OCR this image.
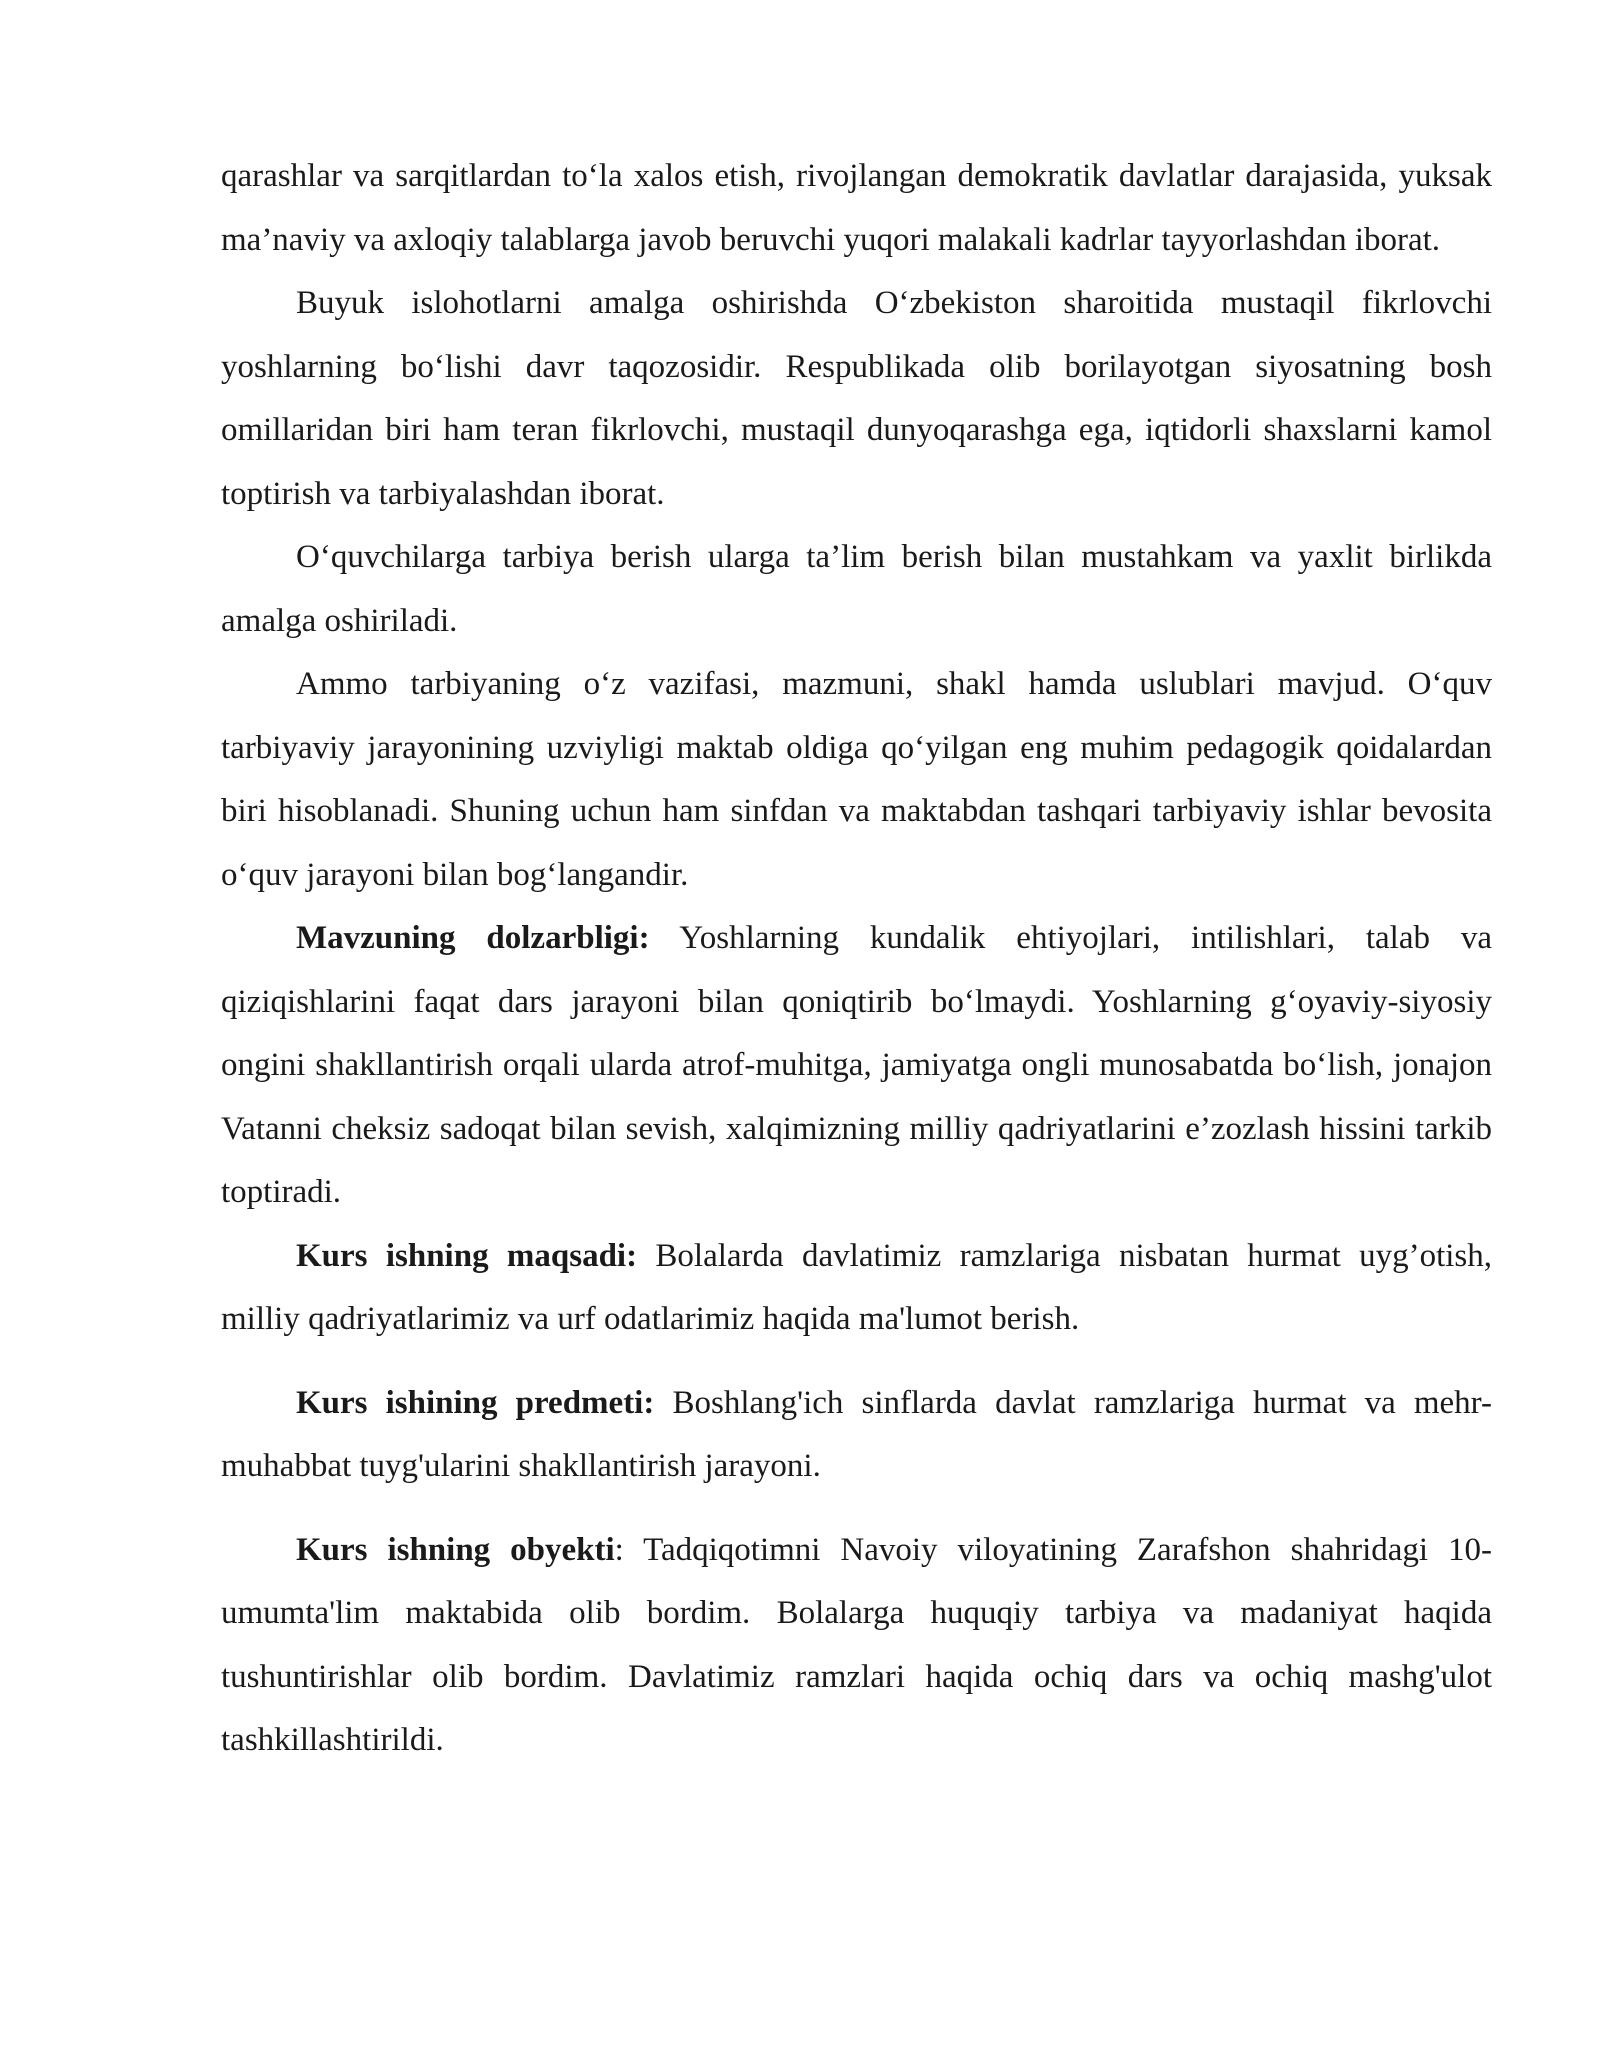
qarashlar va sarqitlardan to‘la xalos etish, rivojlangan demokratik davlatlar darajasida, yuksak ma’naviy va axloqiy talablarga javob beruvchi yuqori malakali kadrlar tayyorlashdan iborat.

Buyuk islohotlarni amalga oshirishda O‘zbekiston sharoitida mustaqil fikrlovchi yoshlarning bo‘lishi davr taqozosidir. Respublikada olib borilayotgan siyosatning bosh omillaridan biri ham teran fikrlovchi, mustaqil dunyoqarashga ega, iqtidorli shaxslarni kamol toptirish va tarbiyalashdan iborat.

O‘quvchilarga tarbiya berish ularga ta’lim berish bilan mustahkam va yaxlit birlikda amalga oshiriladi.

Ammo tarbiyaning o‘z vazifasi, mazmuni, shakl hamda uslublari mavjud. O‘quv tarbiyaviy jarayonining uzviyligi maktab oldiga qo‘yilgan eng muhim pedagogik qoidalardan biri hisoblanadi. Shuning uchun ham sinfdan va maktabdan tashqari tarbiyaviy ishlar bevosita o‘quv jarayoni bilan bog‘langandir.

Mavzuning dolzarbligi: Yoshlarning kundalik ehtiyojlari, intilishlari, talab va qiziqishlarini faqat dars jarayoni bilan qoniqtirib bo‘lmaydi. Yoshlarning g‘oyaviy-siyosiy ongini shakllantirish orqali ularda atrof-muhitga, jamiyatga ongli munosabatda bo‘lish, jonajon Vatanni cheksiz sadoqat bilan sevish, xalqimizning milliy qadriyatlarini e’zozlash hissini tarkib toptiradi.

Kurs ishning maqsadi: Bolalarda davlatimiz ramzlariga nisbatan hurmat uyg’otish, milliy qadriyatlarimiz va urf odatlarimiz haqida ma'lumot berish.

Kurs ishining predmeti: Boshlang'ich sinflarda davlat ramzlariga hurmat va mehr-muhabbat tuyg'ularini shakllantirish jarayoni.

Kurs ishning obyekti: Tadqiqotimni Navoiy viloyatining Zarafshon shahridagi 10-umumta'lim maktabida olib bordim. Bolalarga huquqiy tarbiya va madaniyat haqida tushuntirishlar olib bordim. Davlatimiz ramzlari haqida ochiq dars va ochiq mashg'ulot tashkillashtirildi.
